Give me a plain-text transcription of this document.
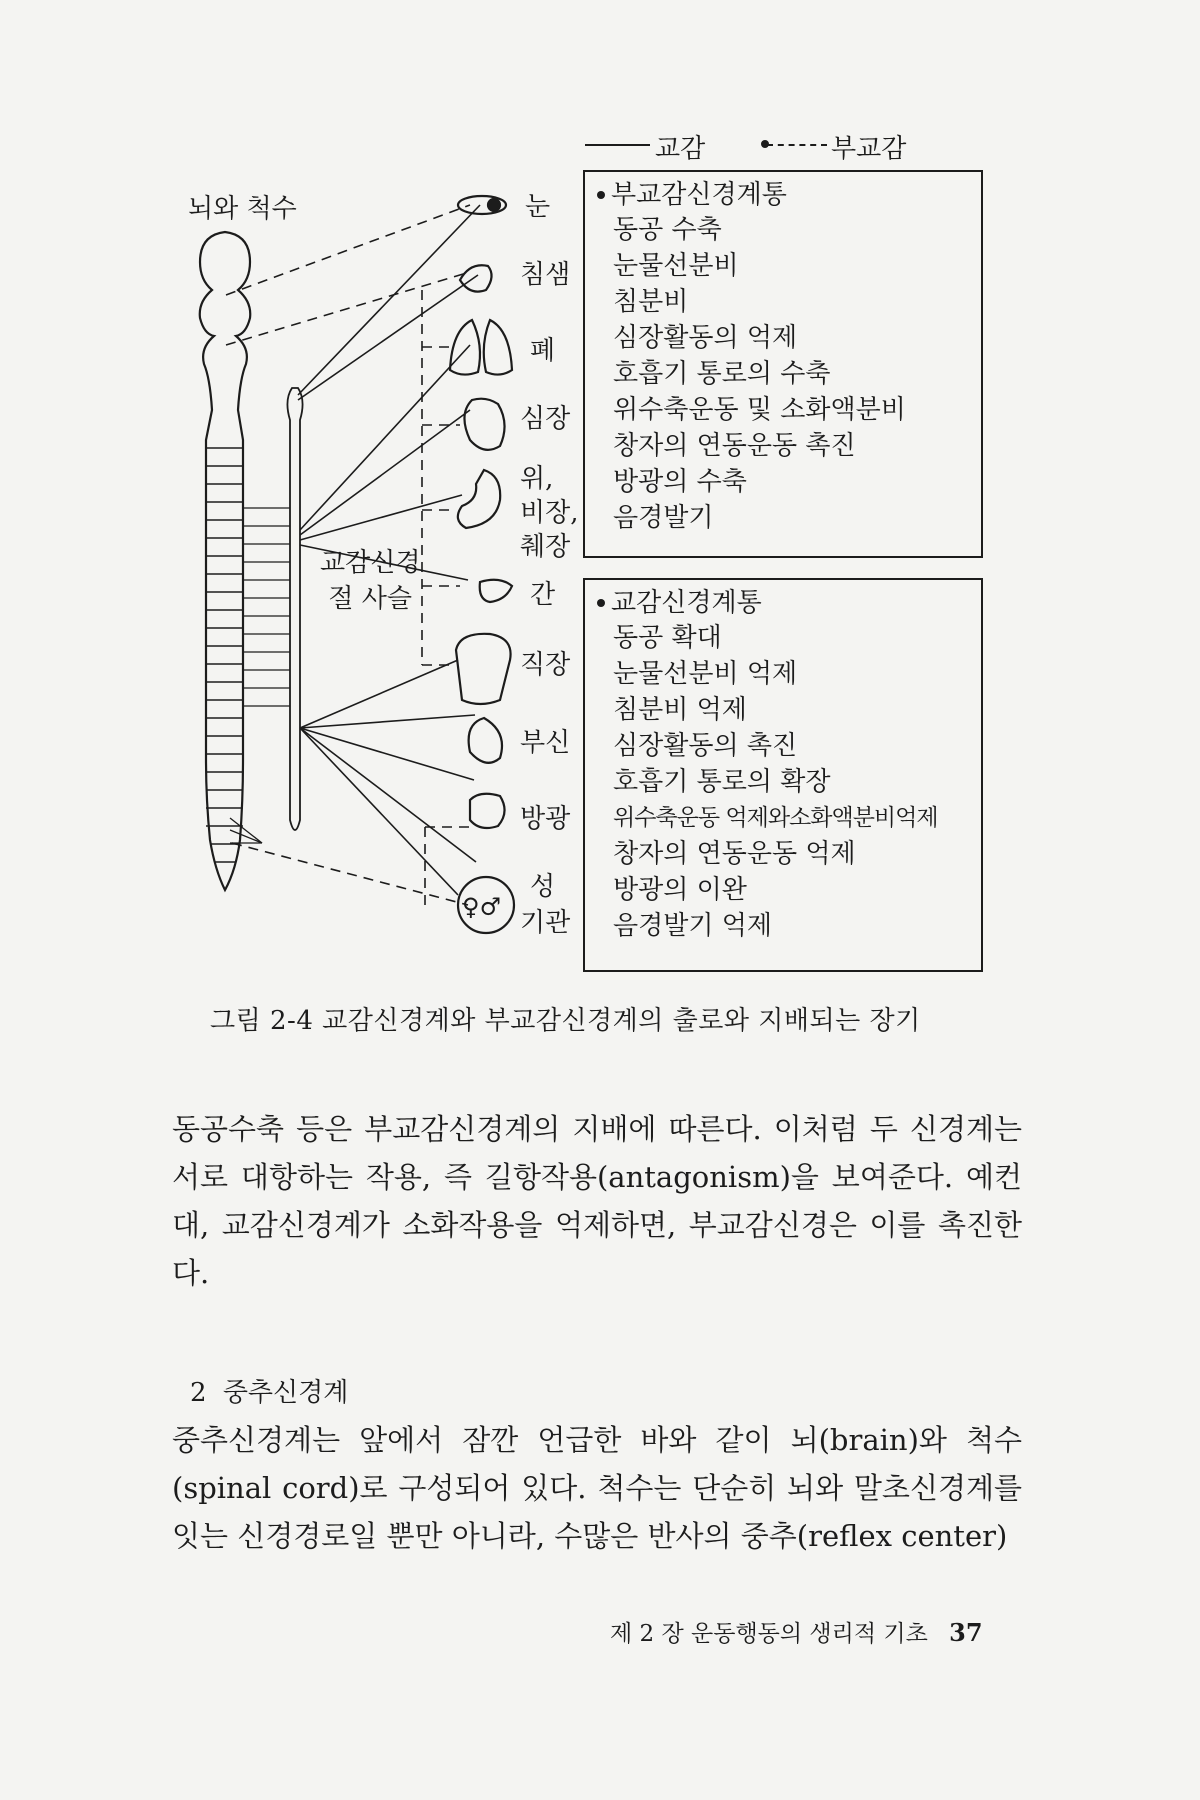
교감	부교감
뇌와 척수	눈
침샘
폐
심장
위,
비장,
췌장
간
직장
부신
방광
성
기관
♀♂
교감신경
절 사슬
부교감신경계통
동공 수축
눈물선분비
침분비
심장활동의 억제
호흡기 통로의 수축
위수축운동 및 소화액분비
창자의 연동운동 촉진
방광의 수축
음경발기
교감신경계통
동공 확대
눈물선분비 억제
침분비 억제
심장활동의 촉진
호흡기 통로의 확장
위수축운동 억제와소화액분비억제
창자의 연동운동 억제
방광의 이완
음경발기 억제
그림 2-4 교감신경계와 부교감신경계의 출로와 지배되는 장기

동공수축 등은 부교감신경계의 지배에 따른다. 이처럼 두 신경계는 서로 대항하는 작용, 즉 길항작용(antagonism)을 보여준다. 예컨대, 교감신경계가 소화작용을 억제하면, 부교감신경은 이를 촉진한다.

2 중추신경계

중추신경계는 앞에서 잠깐 언급한 바와 같이 뇌(brain)와 척수(spinal cord)로 구성되어 있다. 척수는 단순히 뇌와 말초신경계를 잇는 신경경로일 뿐만 아니라, 수많은 반사의 중추(reflex center)

제 2 장 운동행동의 생리적 기초 37
